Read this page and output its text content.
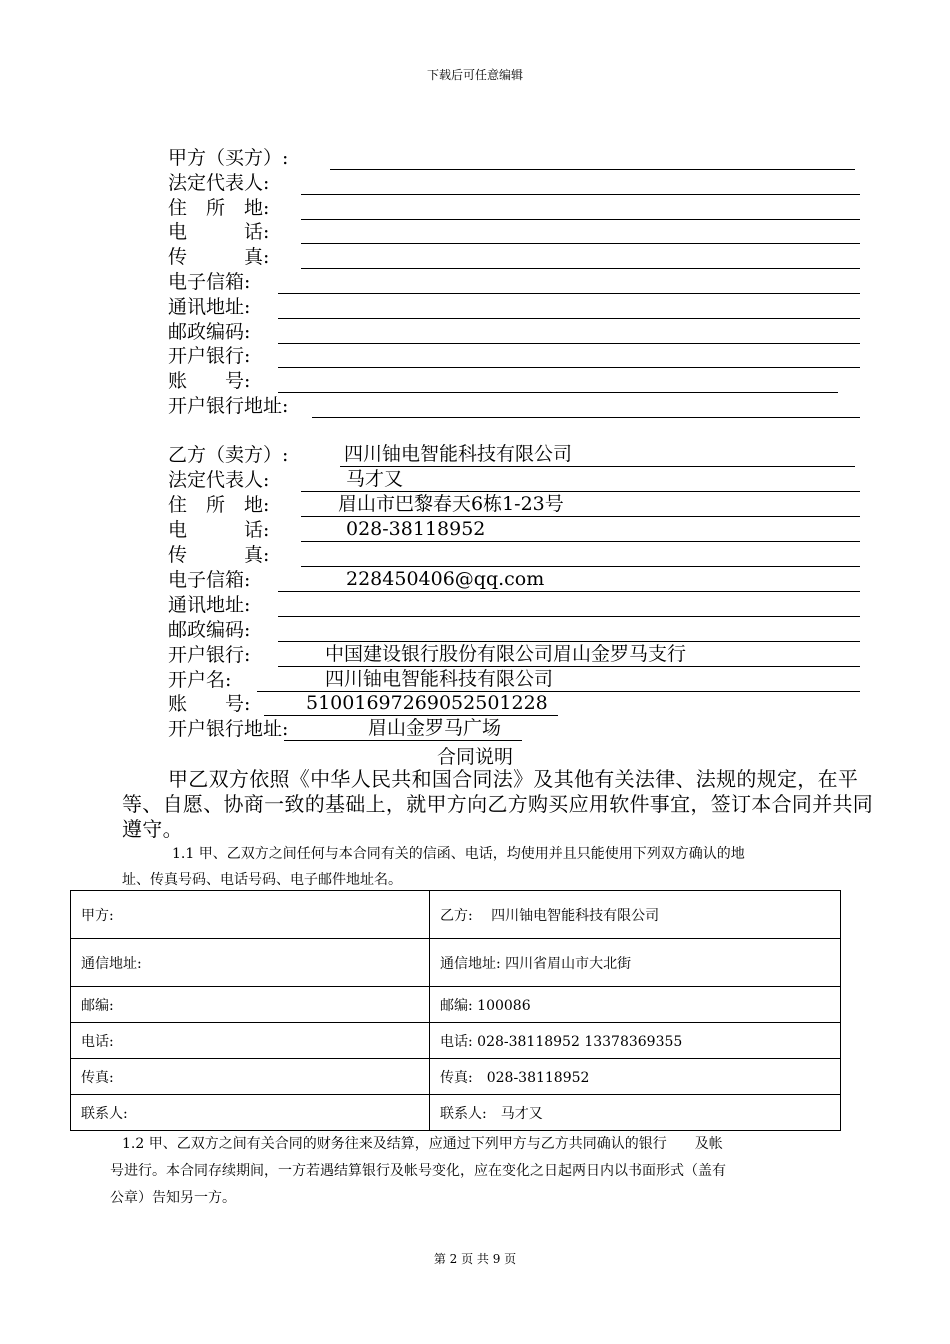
下载后可任意编辑
甲方（买方）:
法定代表人:
住　所　地:
电　　　话:
传　　　真:
电子信箱:
通讯地址:
邮政编码:
开户银行:
账　　号:
开户银行地址:
乙方（卖方）:	四川铀电智能科技有限公司
法定代表人:	马才又
住　所　地:	眉山市巴黎春天6栋1-23号
电　　　话:	028-38118952
传　　　真:
电子信箱:	228450406@qq.com
通讯地址:
邮政编码:
开户银行:	中国建设银行股份有限公司眉山金罗马支行
开户名:	四川铀电智能科技有限公司
账　　号:	51001697269052501228
开户银行地址:	眉山金罗马广场
合同说明
甲乙双方依照《中华人民共和国合同法》及其他有关法律、法规的规定，在平等、自愿、协商一致的基础上，就甲方向乙方购买应用软件事宜，签订本合同并共同遵守。
1.1 甲、乙双方之间任何与本合同有关的信函、电话，均使用并且只能使用下列双方确认的地
址、传真号码、电话号码、电子邮件地址名。
甲方:	乙方:　 四川铀电智能科技有限公司
通信地址:	通信地址: 四川省眉山市大北街
邮编:	邮编: 100086
电话:	电话: 028-38118952 13378369355
传真:	传真:　028-38118952
联系人:	联系人:　马才又
1.2 甲、乙双方之间有关合同的财务往来及结算，应通过下列甲方与乙方共同确认的银行　　及帐
号进行。本合同存续期间，一方若遇结算银行及帐号变化，应在变化之日起两日内以书面形式（盖有
公章）告知另一方。
第 2 页 共 9 页
